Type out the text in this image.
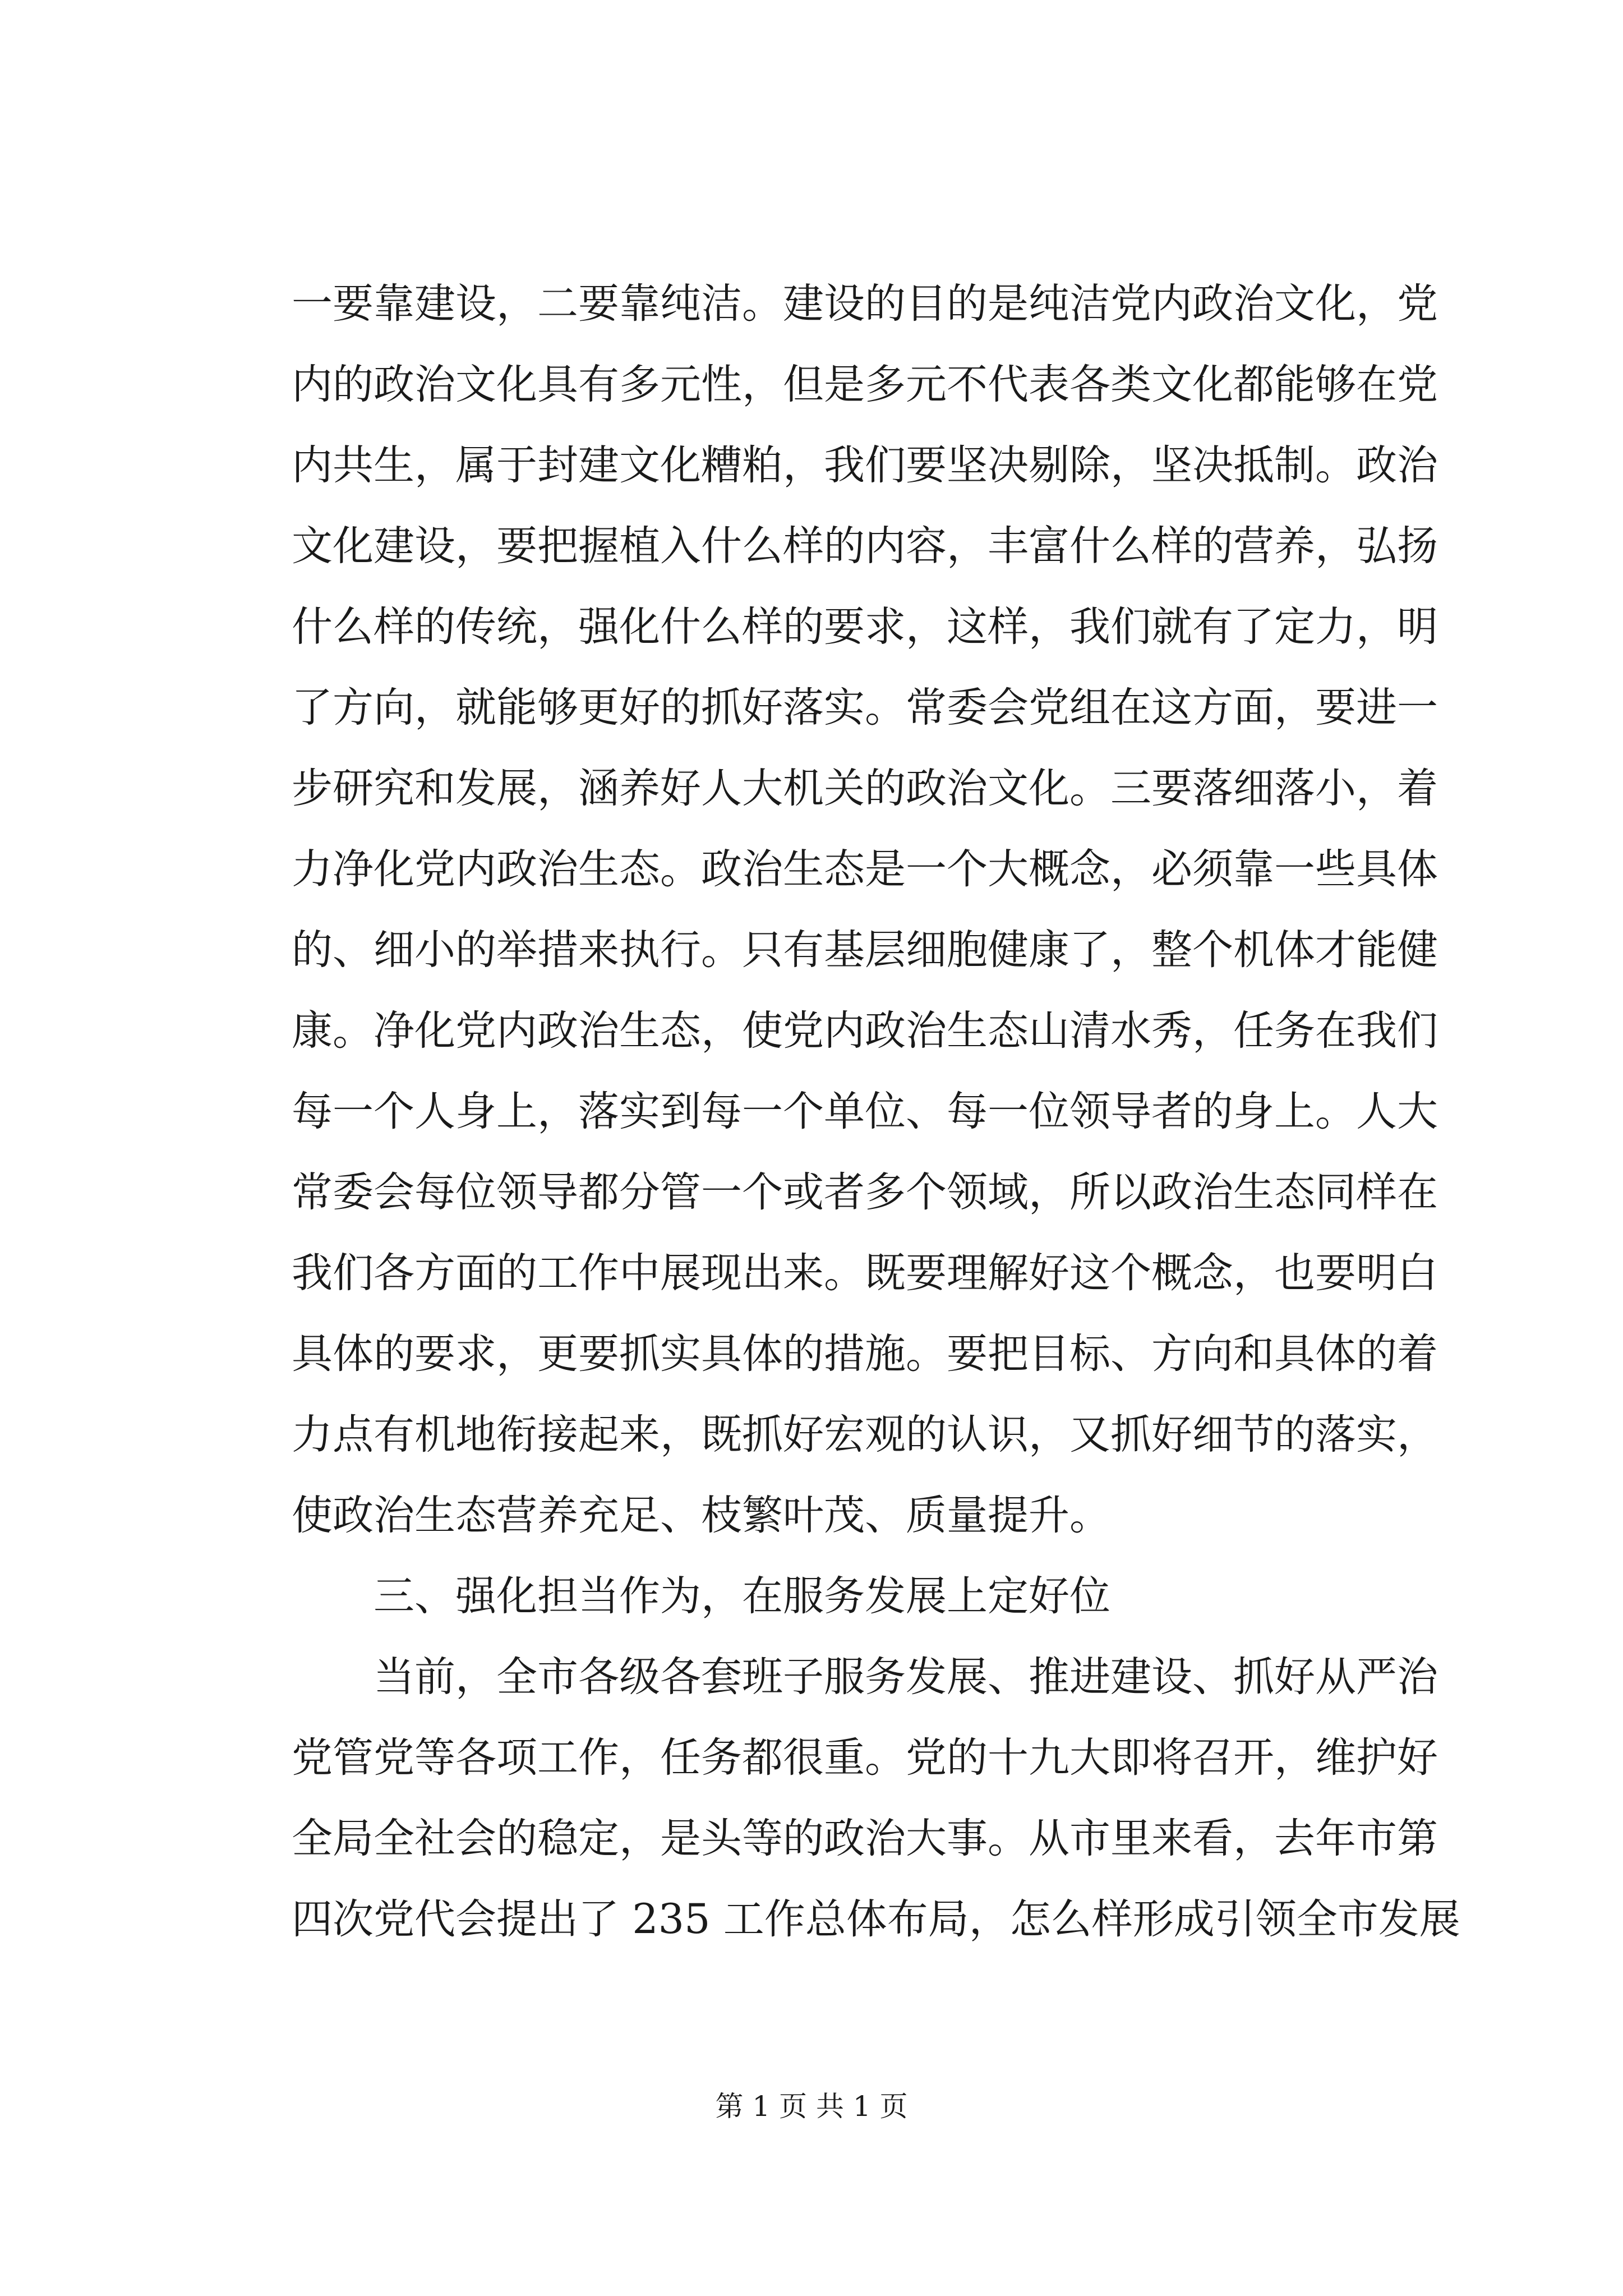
一要靠建设，二要靠纯洁。建设的目的是纯洁党内政治文化，党
内的政治文化具有多元性，但是多元不代表各类文化都能够在党
内共生，属于封建文化糟粕，我们要坚决剔除，坚决抵制。政治
文化建设，要把握植入什么样的内容，丰富什么样的营养，弘扬
什么样的传统，强化什么样的要求，这样，我们就有了定力，明
了方向，就能够更好的抓好落实。常委会党组在这方面，要进一
步研究和发展，涵养好人大机关的政治文化。三要落细落小，着
力净化党内政治生态。政治生态是一个大概念，必须靠一些具体
的、细小的举措来执行。只有基层细胞健康了，整个机体才能健
康。净化党内政治生态，使党内政治生态山清水秀，任务在我们
每一个人身上，落实到每一个单位、每一位领导者的身上。人大
常委会每位领导都分管一个或者多个领域，所以政治生态同样在
我们各方面的工作中展现出来。既要理解好这个概念，也要明白
具体的要求，更要抓实具体的措施。要把目标、方向和具体的着
力点有机地衔接起来，既抓好宏观的认识，又抓好细节的落实，
使政治生态营养充足、枝繁叶茂、质量提升。
三、强化担当作为，在服务发展上定好位
当前，全市各级各套班子服务发展、推进建设、抓好从严治
党管党等各项工作，任务都很重。党的十九大即将召开，维护好
全局全社会的稳定，是头等的政治大事。从市里来看，去年市第
四次党代会提出了 235 工作总体布局，怎么样形成引领全市发展
第 1 页 共 1 页
